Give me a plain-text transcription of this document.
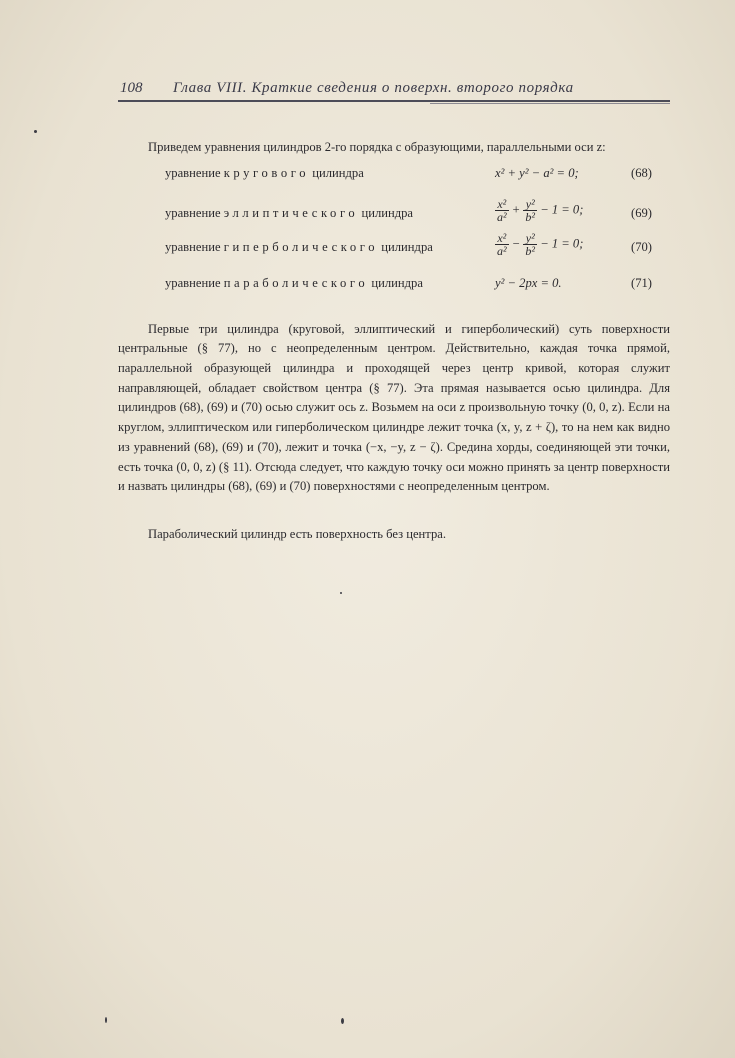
108 Глава VIII. Краткие сведения о поверхн. второго порядка

Приведем уравнения цилиндров 2-го порядка с образующими, параллельными оси z:

уравнение кругового цилиндра	x² + y² − a² = 0;	(68)
уравнение эллиптического цилиндра	$\frac{\text{x²}}{\text{a²}} + \frac{\text{y²}}{\text{b²}} - 1 = 0$;	(69)
уравнение гиперболического цилиндра	$\frac{\text{x²}}{\text{a²}} - \frac{\text{y²}}{\text{b²}} - 1 = 0$;	(70)
уравнение параболического цилиндра	y² − 2px = 0.	(71)

Первые три цилиндра (круговой, эллиптический и гиперболический) суть поверхности центральные (§ 77), но с неопределенным центром. Действительно, каждая точка прямой, параллельной образующей цилиндра и проходящей через центр кривой, которая служит направляющей, обладает свойством центра (§ 77). Эта прямая называется осью цилиндра. Для цилиндров (68), (69) и (70) осью служит ось z. Возьмем на оси z произвольную точку (0, 0, z). Если на круглом, эллиптическом или гиперболическом цилиндре лежит точка (x, y, z + ζ), то на нем как видно из уравнений (68), (69) и (70), лежит и точка (−x, −y, z − ζ). Средина хорды, соединяющей эти точки, есть точка (0, 0, z) (§ 11). Отсюда следует, что каждую точку оси можно принять за центр поверхности и назвать цилиндры (68), (69) и (70) поверхностями с неопределенным центром.

Параболический цилиндр есть поверхность без центра.
